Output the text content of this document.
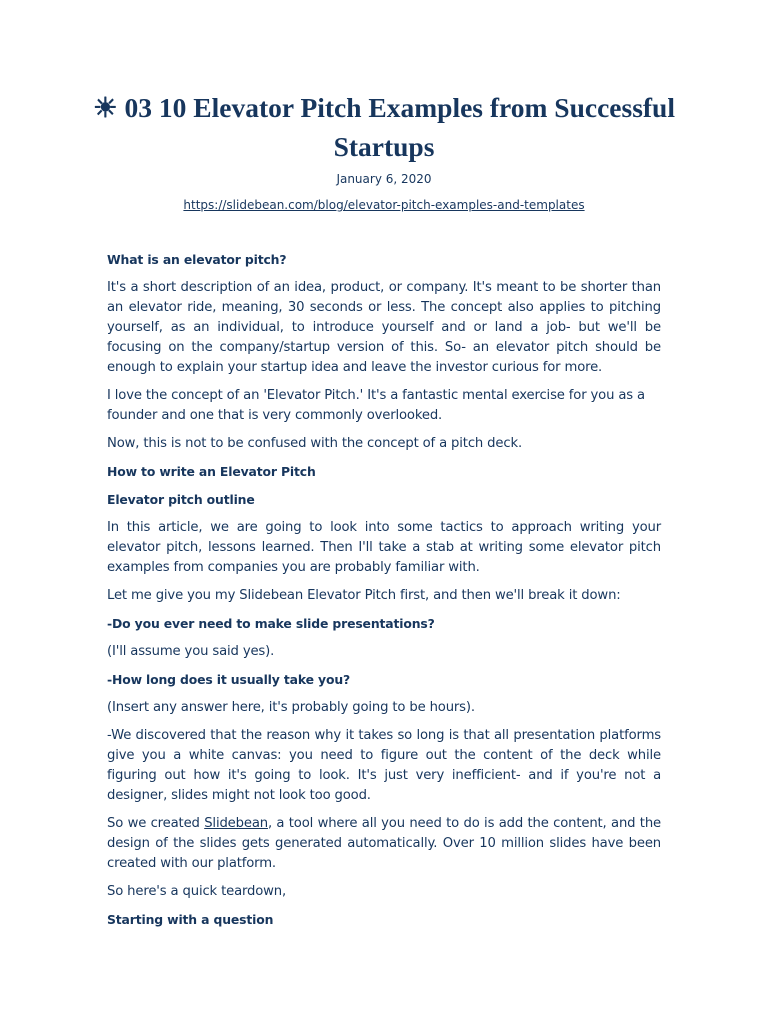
☀ 03 10 Elevator Pitch Examples from Successful Startups
January 6, 2020
https://slidebean.com/blog/elevator-pitch-examples-and-templates

What is an elevator pitch?

It's a short description of an idea, product, or company. It's meant to be shorter than an elevator ride, meaning, 30 seconds or less. The concept also applies to pitching yourself, as an individual, to introduce yourself and or land a job- but we'll be focusing on the company/startup version of this. So- an elevator pitch should be enough to explain your startup idea and leave the investor curious for more.

I love the concept of an 'Elevator Pitch.' It's a fantastic mental exercise for you as a founder and one that is very commonly overlooked.

Now, this is not to be confused with the concept of a pitch deck.

How to write an Elevator Pitch

Elevator pitch outline

In this article, we are going to look into some tactics to approach writing your elevator pitch, lessons learned. Then I'll take a stab at writing some elevator pitch examples from companies you are probably familiar with.

Let me give you my Slidebean Elevator Pitch first, and then we'll break it down:

-Do you ever need to make slide presentations?

(I'll assume you said yes).

-How long does it usually take you?

(Insert any answer here, it's probably going to be hours).

-We discovered that the reason why it takes so long is that all presentation platforms give you a white canvas: you need to figure out the content of the deck while figuring out how it's going to look. It's just very inefficient- and if you're not a designer, slides might not look too good.

So we created Slidebean, a tool where all you need to do is add the content, and the design of the slides gets generated automatically. Over 10 million slides have been created with our platform.

So here's a quick teardown,

Starting with a question
